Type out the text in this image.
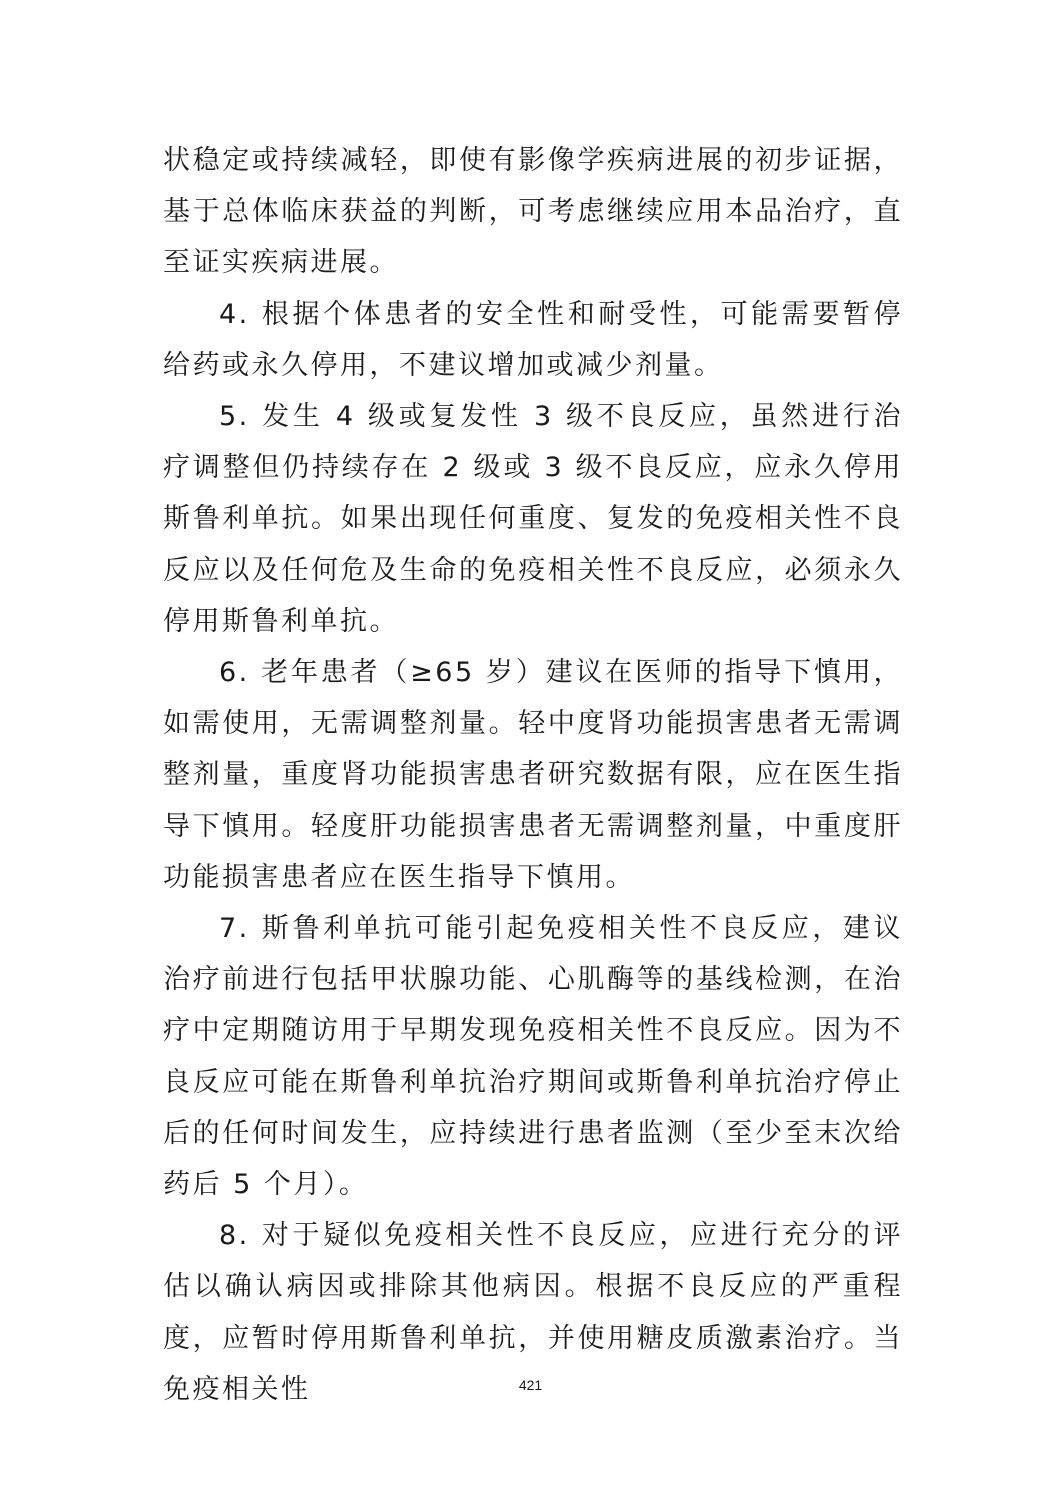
状稳定或持续减轻，即使有影像学疾病进展的初步证据，基于总体临床获益的判断，可考虑继续应用本品治疗，直至证实疾病进展。

4. 根据个体患者的安全性和耐受性，可能需要暂停给药或永久停用，不建议增加或减少剂量。

5. 发生 4 级或复发性 3 级不良反应，虽然进行治疗调整但仍持续存在 2 级或 3 级不良反应，应永久停用斯鲁利单抗。如果出现任何重度、复发的免疫相关性不良反应以及任何危及生命的免疫相关性不良反应，必须永久停用斯鲁利单抗。

6. 老年患者（≥65 岁）建议在医师的指导下慎用，如需使用，无需调整剂量。轻中度肾功能损害患者无需调整剂量，重度肾功能损害患者研究数据有限，应在医生指导下慎用。轻度肝功能损害患者无需调整剂量，中重度肝功能损害患者应在医生指导下慎用。

7. 斯鲁利单抗可能引起免疫相关性不良反应，建议治疗前进行包括甲状腺功能、心肌酶等的基线检测，在治疗中定期随访用于早期发现免疫相关性不良反应。因为不良反应可能在斯鲁利单抗治疗期间或斯鲁利单抗治疗停止后的任何时间发生，应持续进行患者监测（至少至末次给药后 5 个月）。

8. 对于疑似免疫相关性不良反应，应进行充分的评估以确认病因或排除其他病因。根据不良反应的严重程度，应暂时停用斯鲁利单抗，并使用糖皮质激素治疗。当免疫相关性	421
